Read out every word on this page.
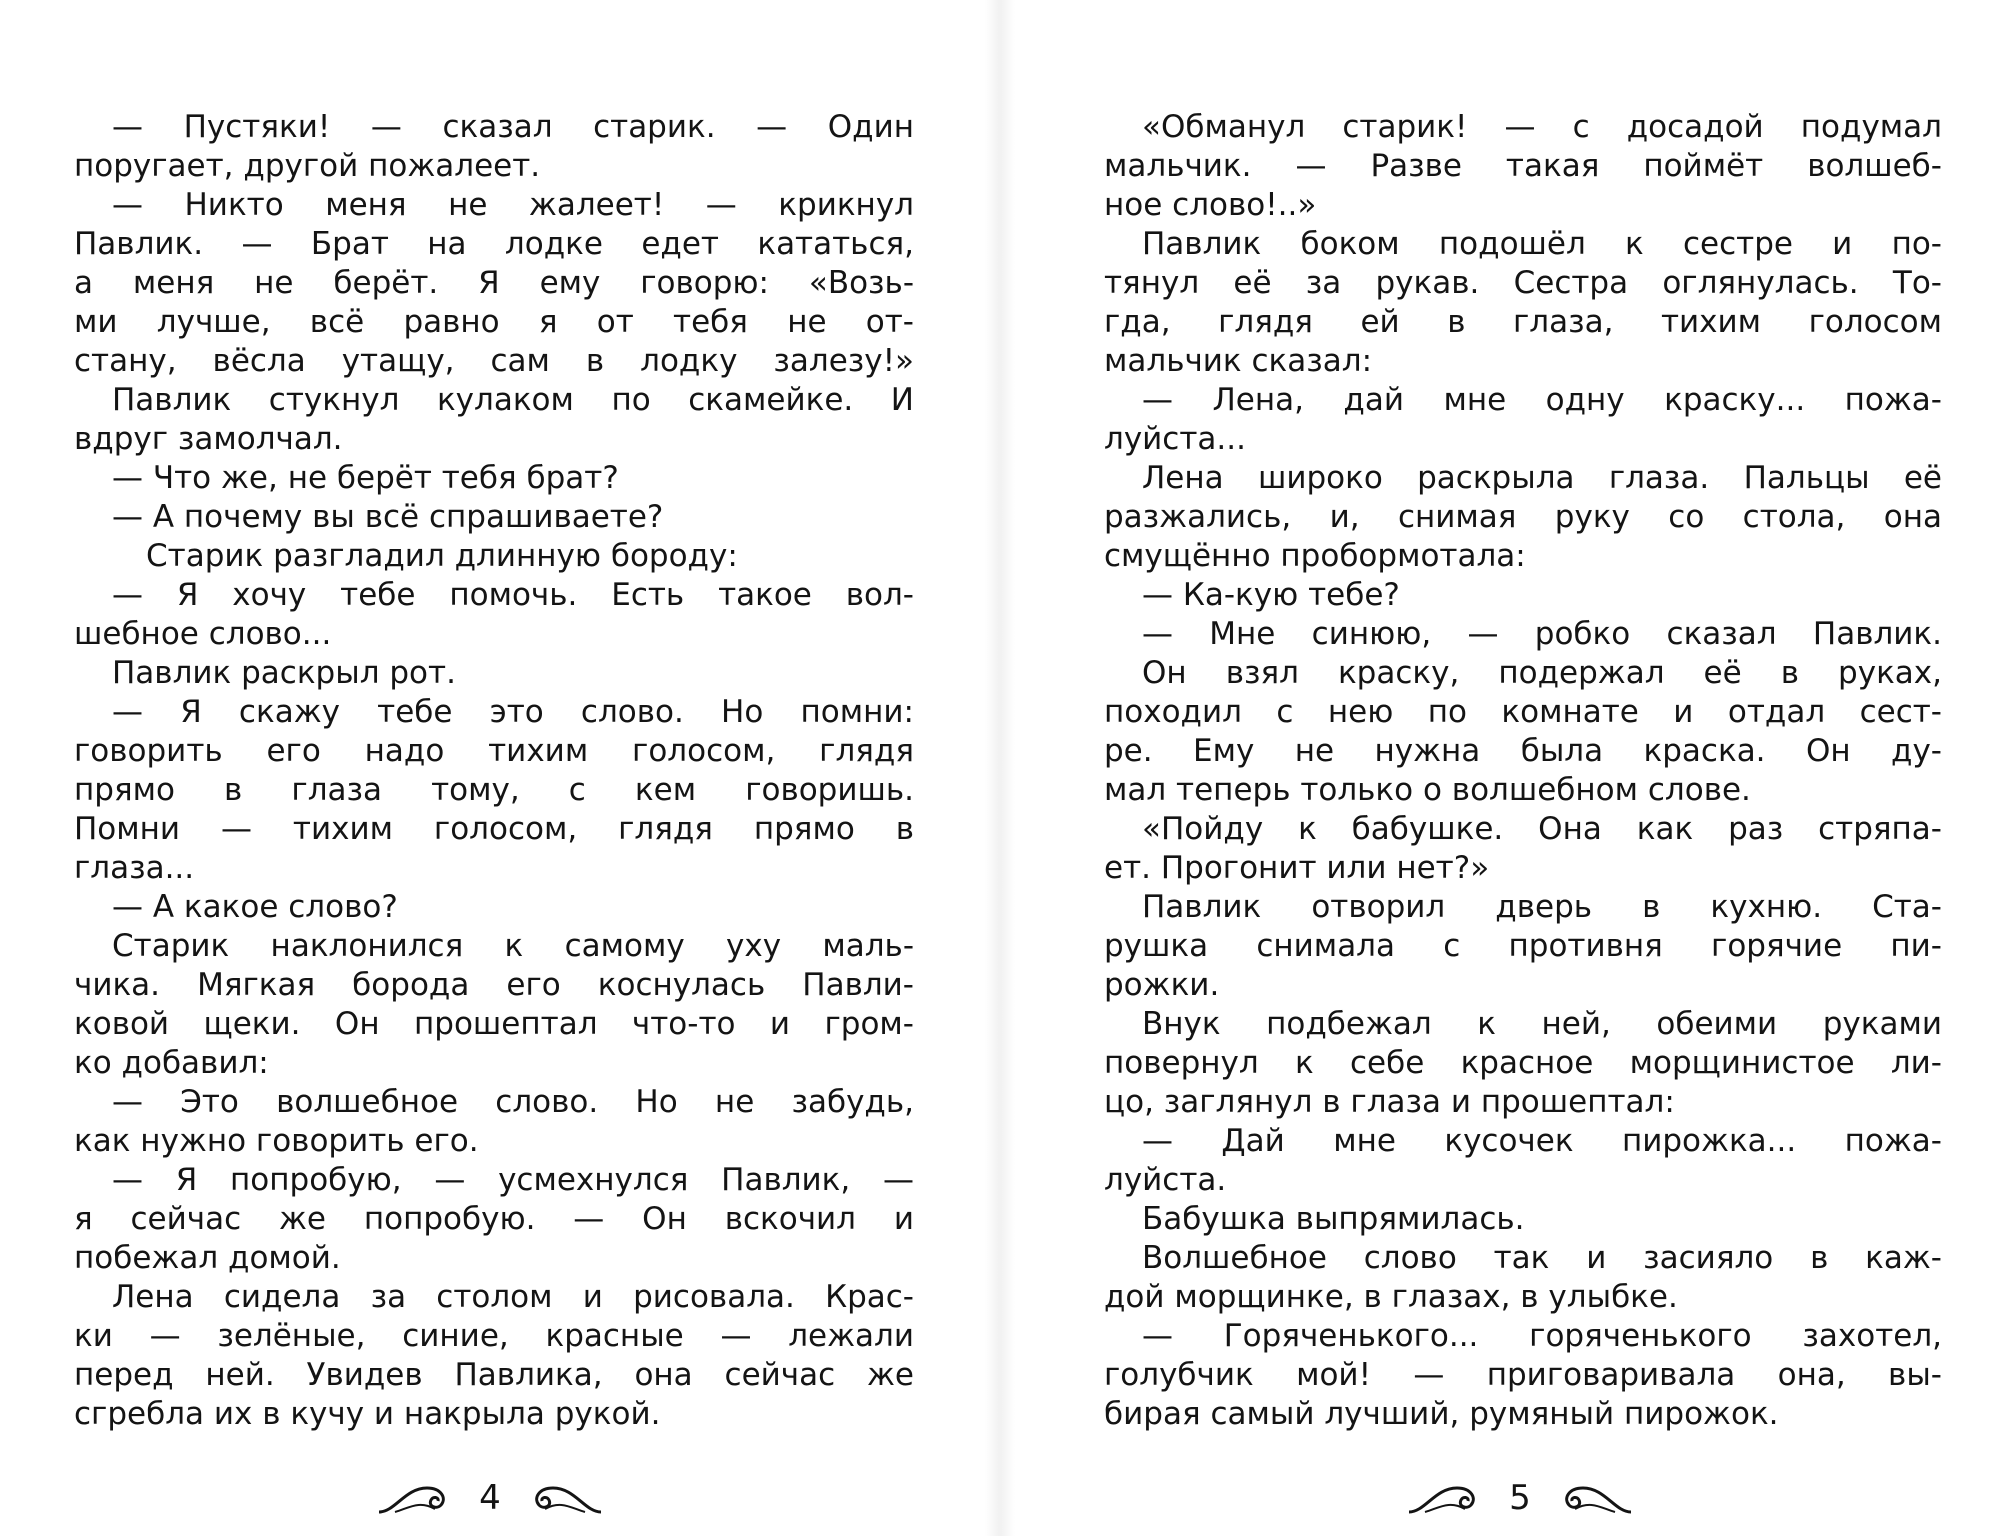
— Пустяки! — сказал старик. — Один
поругает, другой пожалеет.
— Никто меня не жалеет! — крикнул
Павлик. — Брат на лодке едет кататься,
а меня не берёт. Я ему говорю: «Возь-
ми лучше, всё равно я от тебя не от-
стану, вёсла утащу, сам в лодку залезу!»
Павлик стукнул кулаком по скамейке. И
вдруг замолчал.
— Что же, не берёт тебя брат?
— А почему вы всё спрашиваете?
Старик разгладил длинную бороду:
— Я хочу тебе помочь. Есть такое вол-
шебное слово...
Павлик раскрыл рот.
— Я скажу тебе это слово. Но помни:
говорить его надо тихим голосом, глядя
прямо в глаза тому, с кем говоришь.
Помни — тихим голосом, глядя прямо в
глаза...
— А какое слово?
Старик наклонился к самому уху маль-
чика. Мягкая борода его коснулась Павли-
ковой щеки. Он прошептал что-то и гром-
ко добавил:
— Это волшебное слово. Но не забудь,
как нужно говорить его.
— Я попробую, — усмехнулся Павлик, —
я сейчас же попробую. — Он вскочил и
побежал домой.
Лена сидела за столом и рисовала. Крас-
ки — зелёные, синие, красные — лежали
перед ней. Увидев Павлика, она сейчас же
сгребла их в кучу и накрыла рукой.
«Обманул старик! — с досадой подумал
мальчик. — Разве такая поймёт волшеб-
ное слово!..»
Павлик боком подошёл к сестре и по-
тянул её за рукав. Сестра оглянулась. То-
гда, глядя ей в глаза, тихим голосом
мальчик сказал:
— Лена, дай мне одну краску... пожа-
луйста...
Лена широко раскрыла глаза. Пальцы её
разжались, и, снимая руку со стола, она
смущённо пробормотала:
— Ка-кую тебе?
— Мне синюю, — робко сказал Павлик.
Он взял краску, подержал её в руках,
походил с нею по комнате и отдал сест-
ре. Ему не нужна была краска. Он ду-
мал теперь только о волшебном слове.
«Пойду к бабушке. Она как раз стряпа-
ет. Прогонит или нет?»
Павлик отворил дверь в кухню. Ста-
рушка снимала с противня горячие пи-
рожки.
Внук подбежал к ней, обеими руками
повернул к себе красное морщинистое ли-
цо, заглянул в глаза и прошептал:
— Дай мне кусочек пирожка... пожа-
луйста.
Бабушка выпрямилась.
Волшебное слово так и засияло в каж-
дой морщинке, в глазах, в улыбке.
— Горяченького... горяченького захотел,
голубчик мой! — приговаривала она, вы-
бирая самый лучший, румяный пирожок.
4	5
